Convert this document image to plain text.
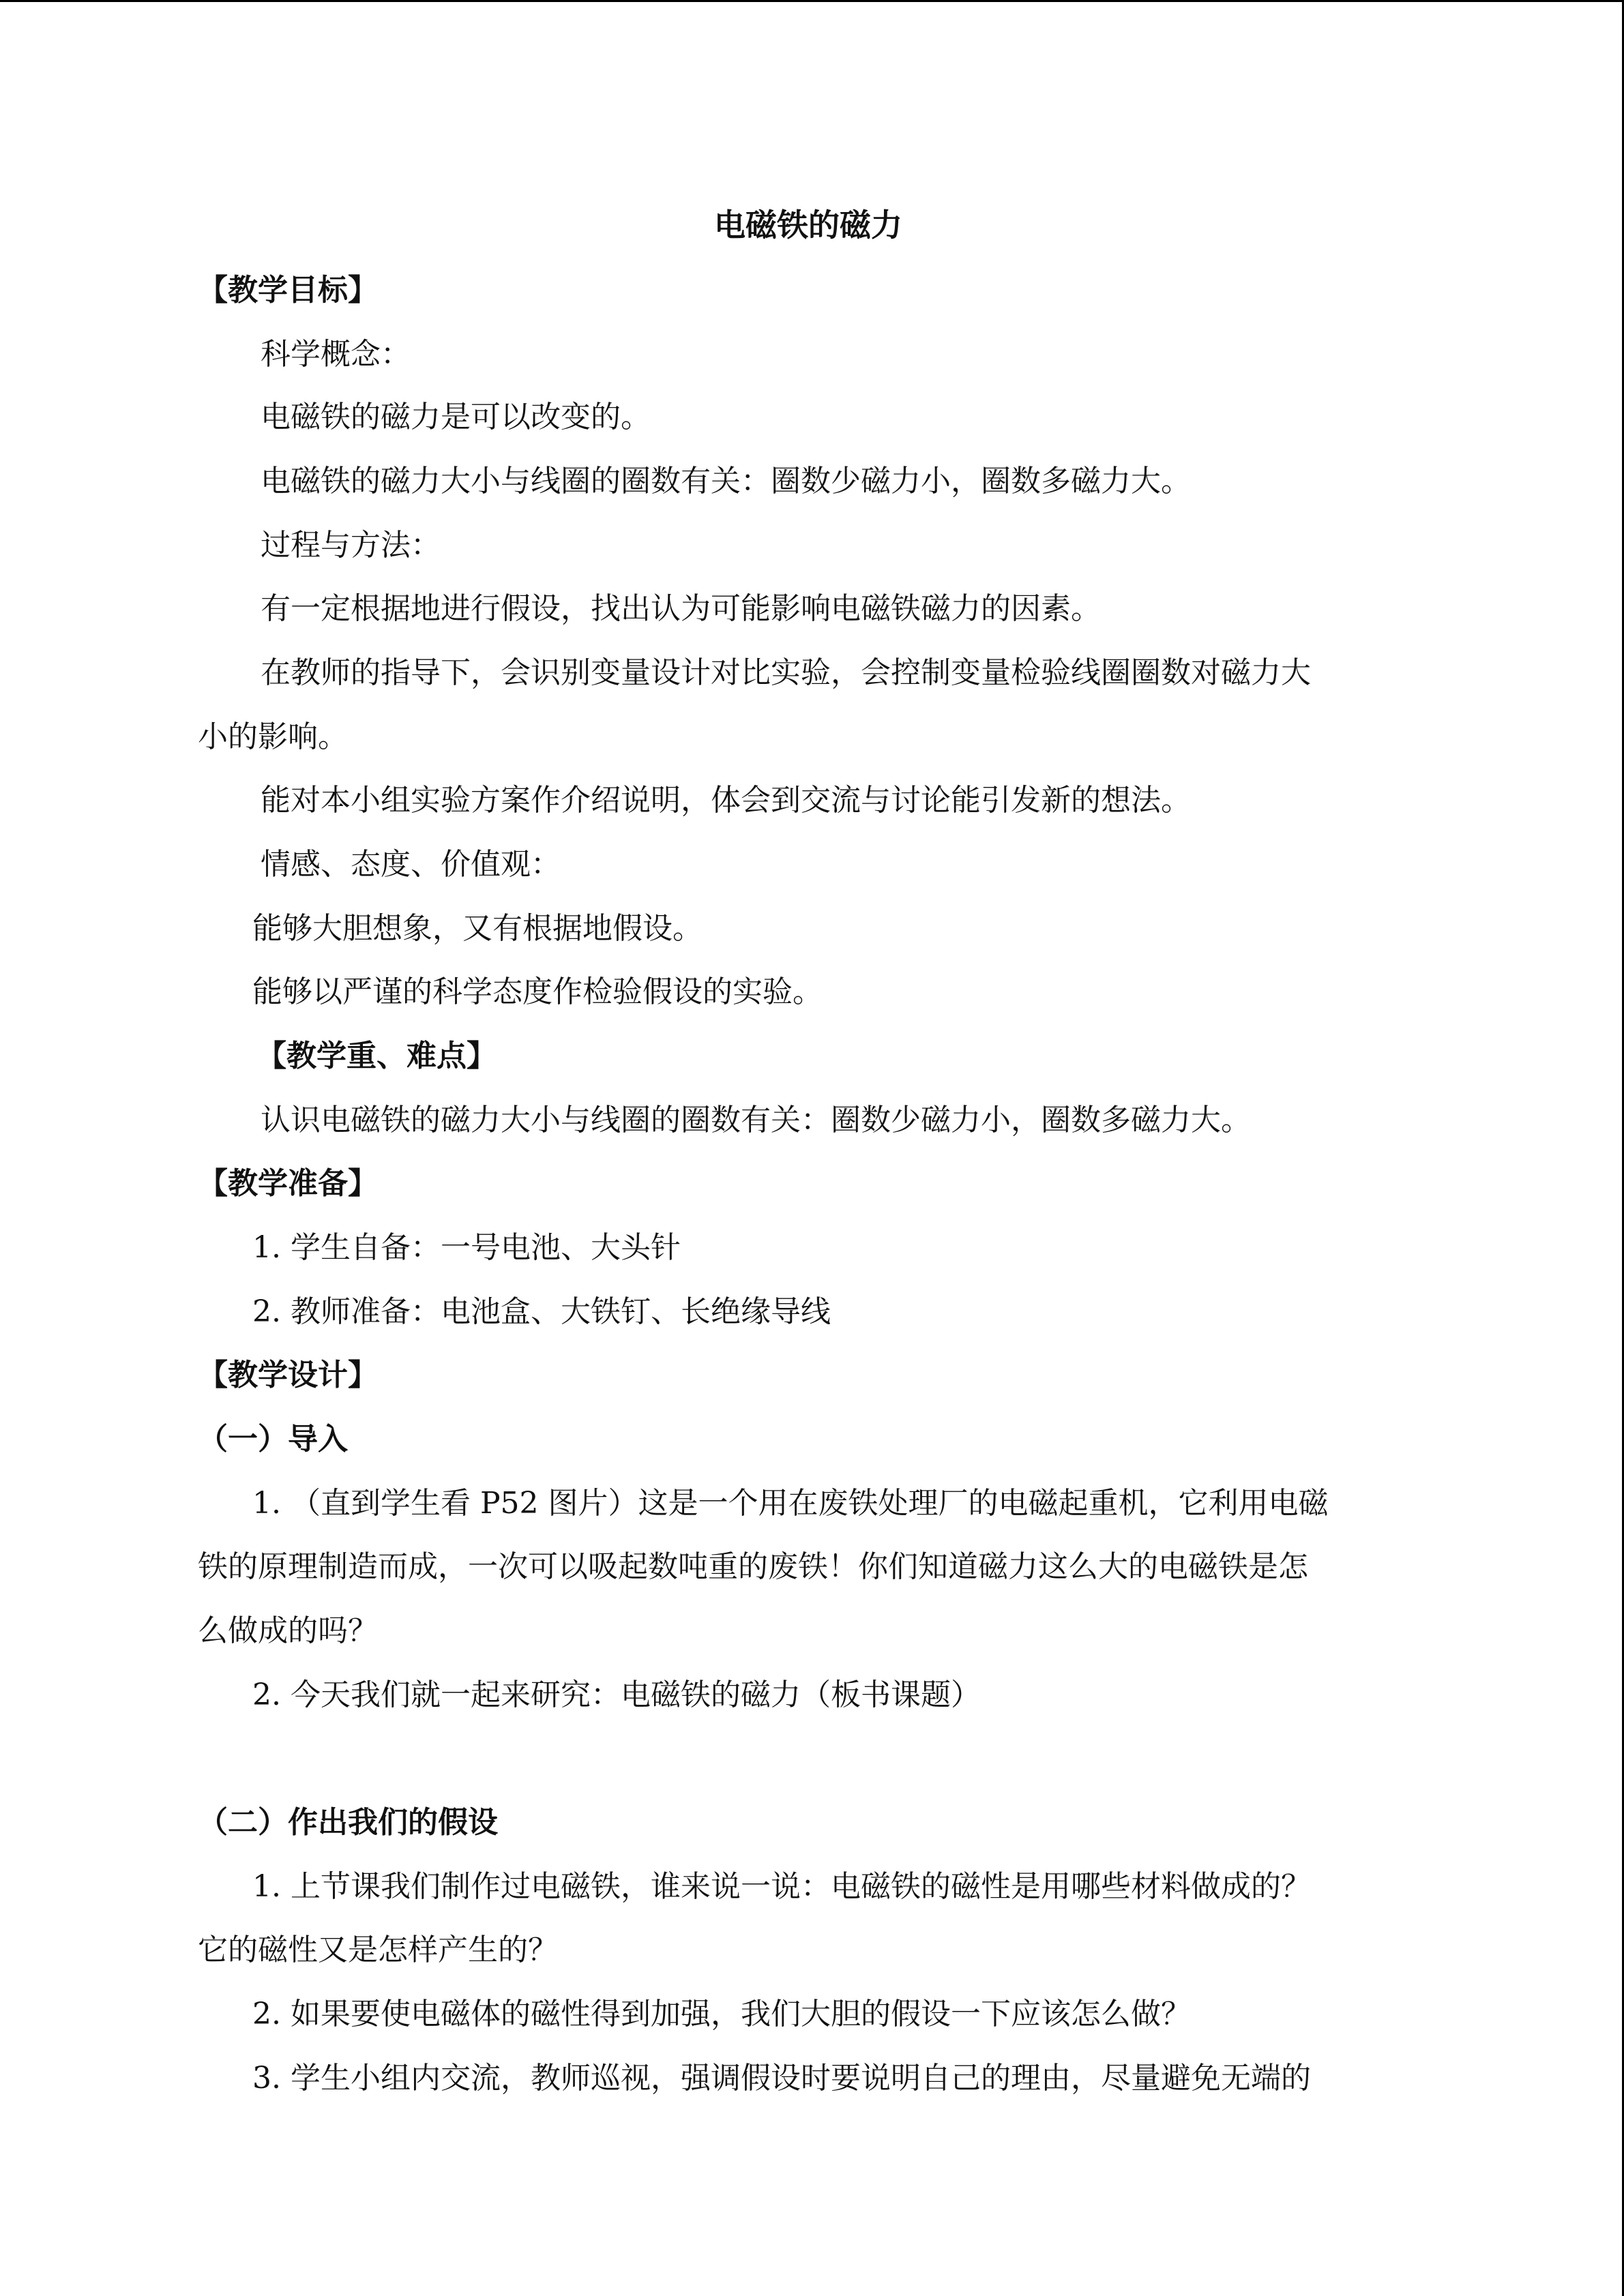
电磁铁的磁力
【教学目标】
科学概念：
电磁铁的磁力是可以改变的。
电磁铁的磁力大小与线圈的圈数有关：圈数少磁力小，圈数多磁力大。
过程与方法：
有一定根据地进行假设，找出认为可能影响电磁铁磁力的因素。
在教师的指导下，会识别变量设计对比实验，会控制变量检验线圈圈数对磁力大
小的影响。
能对本小组实验方案作介绍说明，体会到交流与讨论能引发新的想法。
情感、态度、价值观：
能够大胆想象，又有根据地假设。
能够以严谨的科学态度作检验假设的实验。
【教学重、难点】
认识电磁铁的磁力大小与线圈的圈数有关：圈数少磁力小，圈数多磁力大。
【教学准备】
1. 学生自备：一号电池、大头针
2. 教师准备：电池盒、大铁钉、长绝缘导线
【教学设计】
（一）导入
1. （直到学生看 P52 图片）这是一个用在废铁处理厂的电磁起重机，它利用电磁
铁的原理制造而成，一次可以吸起数吨重的废铁！你们知道磁力这么大的电磁铁是怎
么做成的吗？
2. 今天我们就一起来研究：电磁铁的磁力（板书课题）
（二）作出我们的假设
1. 上节课我们制作过电磁铁，谁来说一说：电磁铁的磁性是用哪些材料做成的？
它的磁性又是怎样产生的？
2. 如果要使电磁体的磁性得到加强，我们大胆的假设一下应该怎么做？
3. 学生小组内交流，教师巡视，强调假设时要说明自己的理由，尽量避免无端的
